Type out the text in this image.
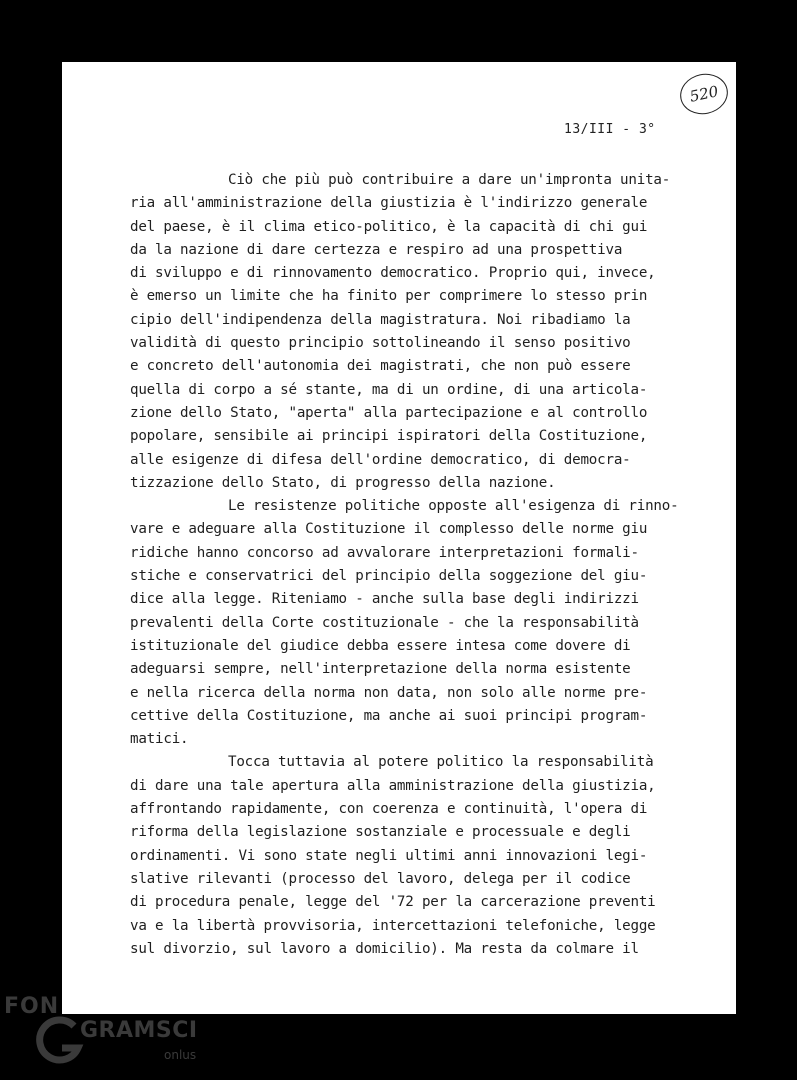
520
13/III - 3°
Ciò che più può contribuire a dare un'impronta unita-
ria all'amministrazione della giustizia è l'indirizzo generale
del paese, è il clima etico-politico, è la capacità di chi gui
da la nazione di dare certezza e respiro ad una prospettiva
di sviluppo e di rinnovamento democratico. Proprio qui, invece,
è emerso un limite che ha finito per comprimere lo stesso prin
cipio dell'indipendenza della magistratura. Noi ribadiamo la
validità di questo principio sottolineando il senso positivo
e concreto dell'autonomia dei magistrati, che non può essere
quella di corpo a sé stante, ma di un ordine, di una articola-
zione dello Stato, "aperta" alla partecipazione e al controllo
popolare, sensibile ai principi ispiratori della Costituzione,
alle esigenze di difesa dell'ordine democratico, di democra-
tizzazione dello Stato, di progresso della nazione.
Le resistenze politiche opposte all'esigenza di rinno-
vare e adeguare alla Costituzione il complesso delle norme giu
ridiche hanno concorso ad avvalorare interpretazioni formali-
stiche e conservatrici del principio della soggezione del giu-
dice alla legge. Riteniamo - anche sulla base degli indirizzi
prevalenti della Corte costituzionale - che la responsabilità
istituzionale del giudice debba essere intesa come dovere di
adeguarsi sempre, nell'interpretazione della norma esistente
e nella ricerca della norma non data, non solo alle norme pre-
cettive della Costituzione, ma anche ai suoi principi program-
matici.
Tocca tuttavia al potere politico la responsabilità
di dare una tale apertura alla amministrazione della giustizia,
affrontando rapidamente, con coerenza e continuità, l'opera di
riforma della legislazione sostanziale e processuale e degli
ordinamenti. Vi sono state negli ultimi anni innovazioni legi-
slative rilevanti (processo del lavoro, delega per il codice
di procedura penale, legge del '72 per la carcerazione preventi
va e la libertà provvisoria, intercettazioni telefoniche, legge
sul divorzio, sul lavoro a domicilio). Ma resta da colmare il
FON
GRAMSCI
onlus
